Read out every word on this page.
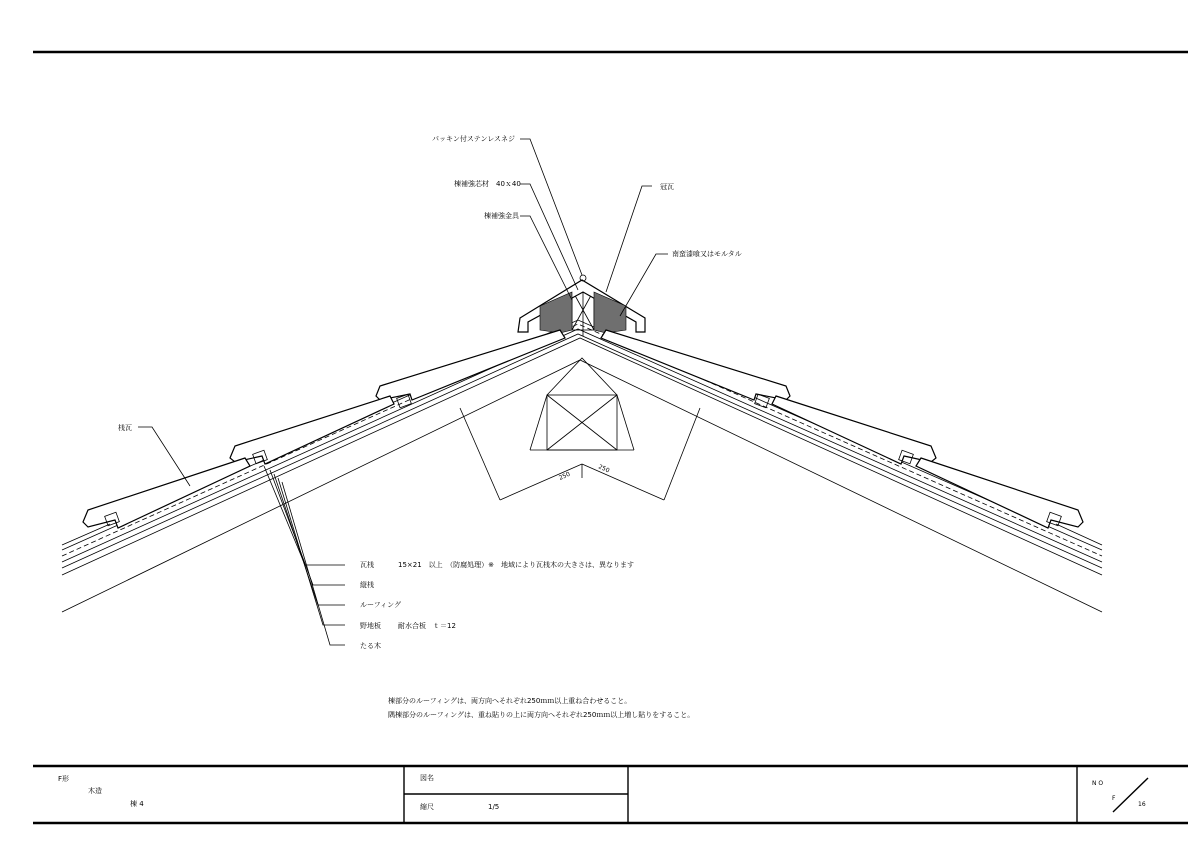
250
250
パッキン付ステンレスネジ
棟補強芯材　40ｘ40
棟補強金具
冠瓦
南蛮漆喰又はモルタル
桟瓦
瓦桟	15×21　以上　（防腐処理）※　地域により瓦桟木の大きさは、異なります
縦桟
ルーフィング
野地板 耐水合板　ｔ＝12
たる木
棟部分のルーフィングは、両方向へそれぞれ250ｍｍ以上重ね合わせること。
隅棟部分のルーフィングは、重ね貼りの上に両方向へそれぞれ250ｍｍ以上増し貼りをすること。
F形
木造
棟 4
図名
縮尺	1/5
N O
F
16
